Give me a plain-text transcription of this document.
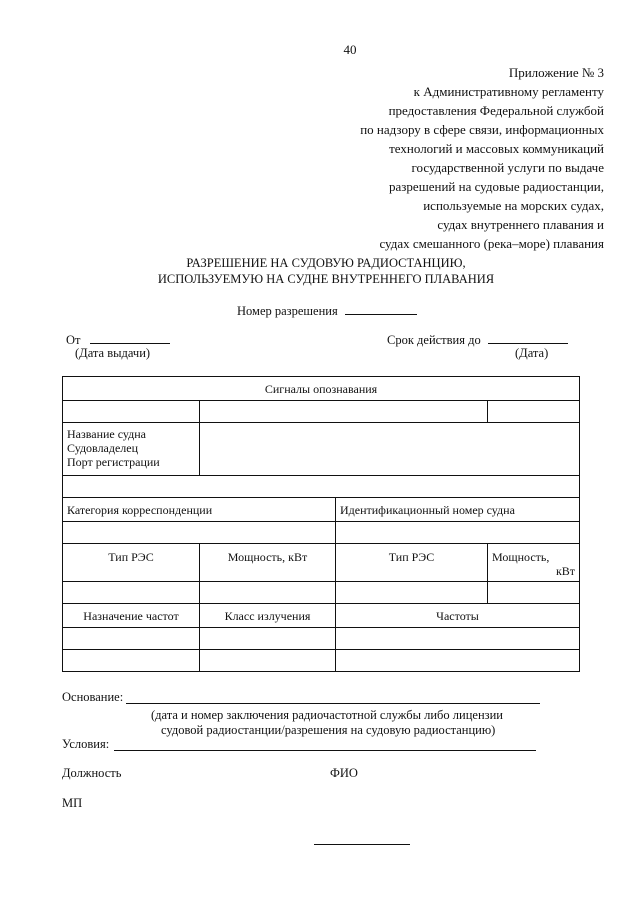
40
Приложение № 3
к Административному регламенту
предоставления Федеральной службой
по надзору в сфере связи, информационных
технологий и массовых коммуникаций
государственной услуги по выдаче
разрешений на судовые радиостанции,
используемые на морских судах,
судах внутреннего плавания и
судах смешанного (река–море) плавания
РАЗРЕШЕНИЕ НА СУДОВУЮ РАДИОСТАНЦИЮ,
ИСПОЛЬЗУЕМУЮ НА СУДНЕ ВНУТРЕННЕГО ПЛАВАНИЯ
Номер разрешения
От
(Дата выдачи)
Срок действия до
(Дата)
Сигналы опознавания			

Название судна
Судовладелец
Порт регистрации			

Категория корреспонденции		Идентификационный номер судна	

Тип РЭС	Мощность, кВт	Тип РЭС	Мощность,
кВт

Назначение частот	Класс излучения	Частоты	

Основание:
(дата и номер заключения радиочастотной службы либо лицензии
судовой радиостанции/разрешения на судовую радиостанцию)
Условия:
Должность	ФИО
МП
